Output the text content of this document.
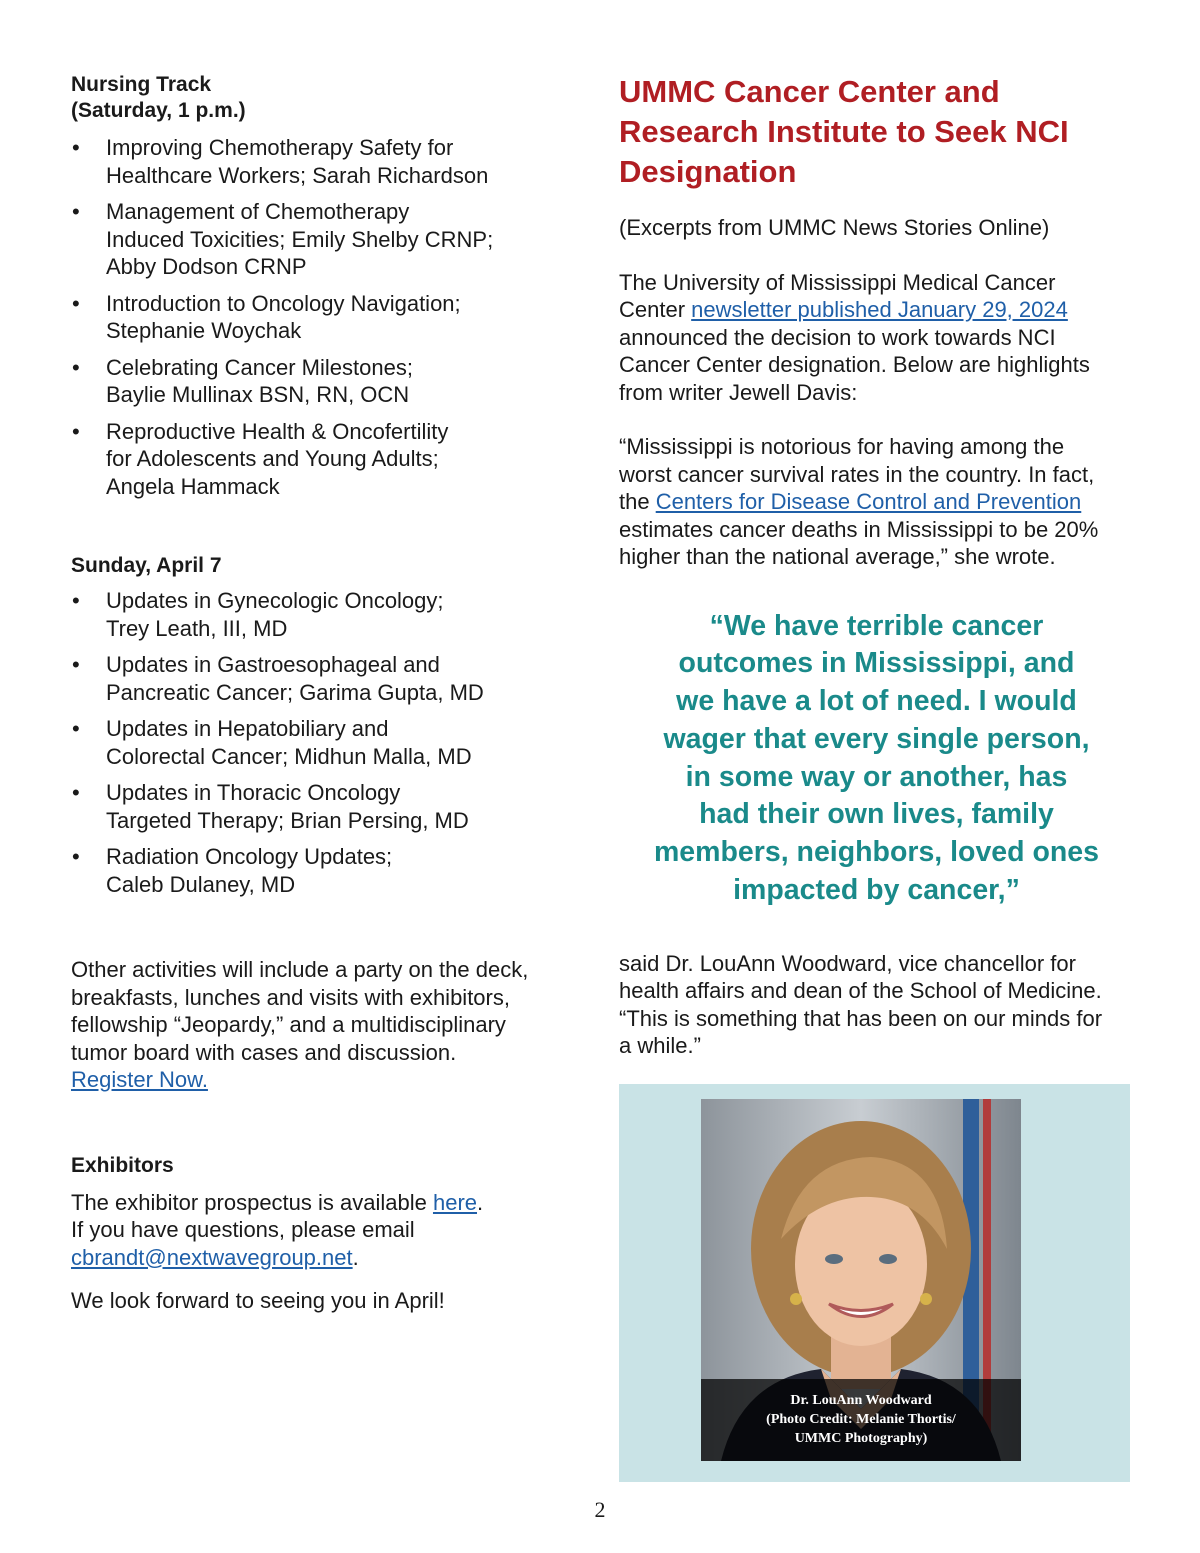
Nursing Track
(Saturday, 1 p.m.)

• Improving Chemotherapy Safety for
Healthcare Workers; Sarah Richardson
• Management of Chemotherapy
Induced Toxicities; Emily Shelby CRNP;
Abby Dodson CRNP
• Introduction to Oncology Navigation;
Stephanie Woychak
• Celebrating Cancer Milestones;
Baylie Mullinax BSN, RN, OCN
• Reproductive Health & Oncofertility
for Adolescents and Young Adults;
Angela Hammack

Sunday, April 7

• Updates in Gynecologic Oncology;
Trey Leath, III, MD
• Updates in Gastroesophageal and
Pancreatic Cancer; Garima Gupta, MD
• Updates in Hepatobiliary and
Colorectal Cancer; Midhun Malla, MD
• Updates in Thoracic Oncology
Targeted Therapy; Brian Persing, MD
• Radiation Oncology Updates;
Caleb Dulaney, MD

Other activities will include a party on the deck,
breakfasts, lunches and visits with exhibitors,
fellowship “Jeopardy,” and a multidisciplinary
tumor board with cases and discussion.
Register Now.

Exhibitors

The exhibitor prospectus is available here.
If you have questions, please email
cbrandt@nextwavegroup.net.

We look forward to seeing you in April!

UMMC Cancer Center and
Research Institute to Seek NCI
Designation

(Excerpts from UMMC News Stories Online)

The University of Mississippi Medical Cancer
Center newsletter published January 29, 2024
announced the decision to work towards NCI
Cancer Center designation. Below are highlights
from writer Jewell Davis:

“Mississippi is notorious for having among the
worst cancer survival rates in the country. In fact,
the Centers for Disease Control and Prevention
estimates cancer deaths in Mississippi to be 20%
higher than the national average,” she wrote.

“We have terrible cancer
outcomes in Mississippi, and
we have a lot of need. I would
wager that every single person,
in some way or another, has
had their own lives, family
members, neighbors, loved ones
impacted by cancer,”

said Dr. LouAnn Woodward, vice chancellor for
health affairs and dean of the School of Medicine.
“This is something that has been on our minds for
a while.”

Dr. LouAnn Woodward
(Photo Credit: Melanie Thortis/
UMMC Photography)
2
